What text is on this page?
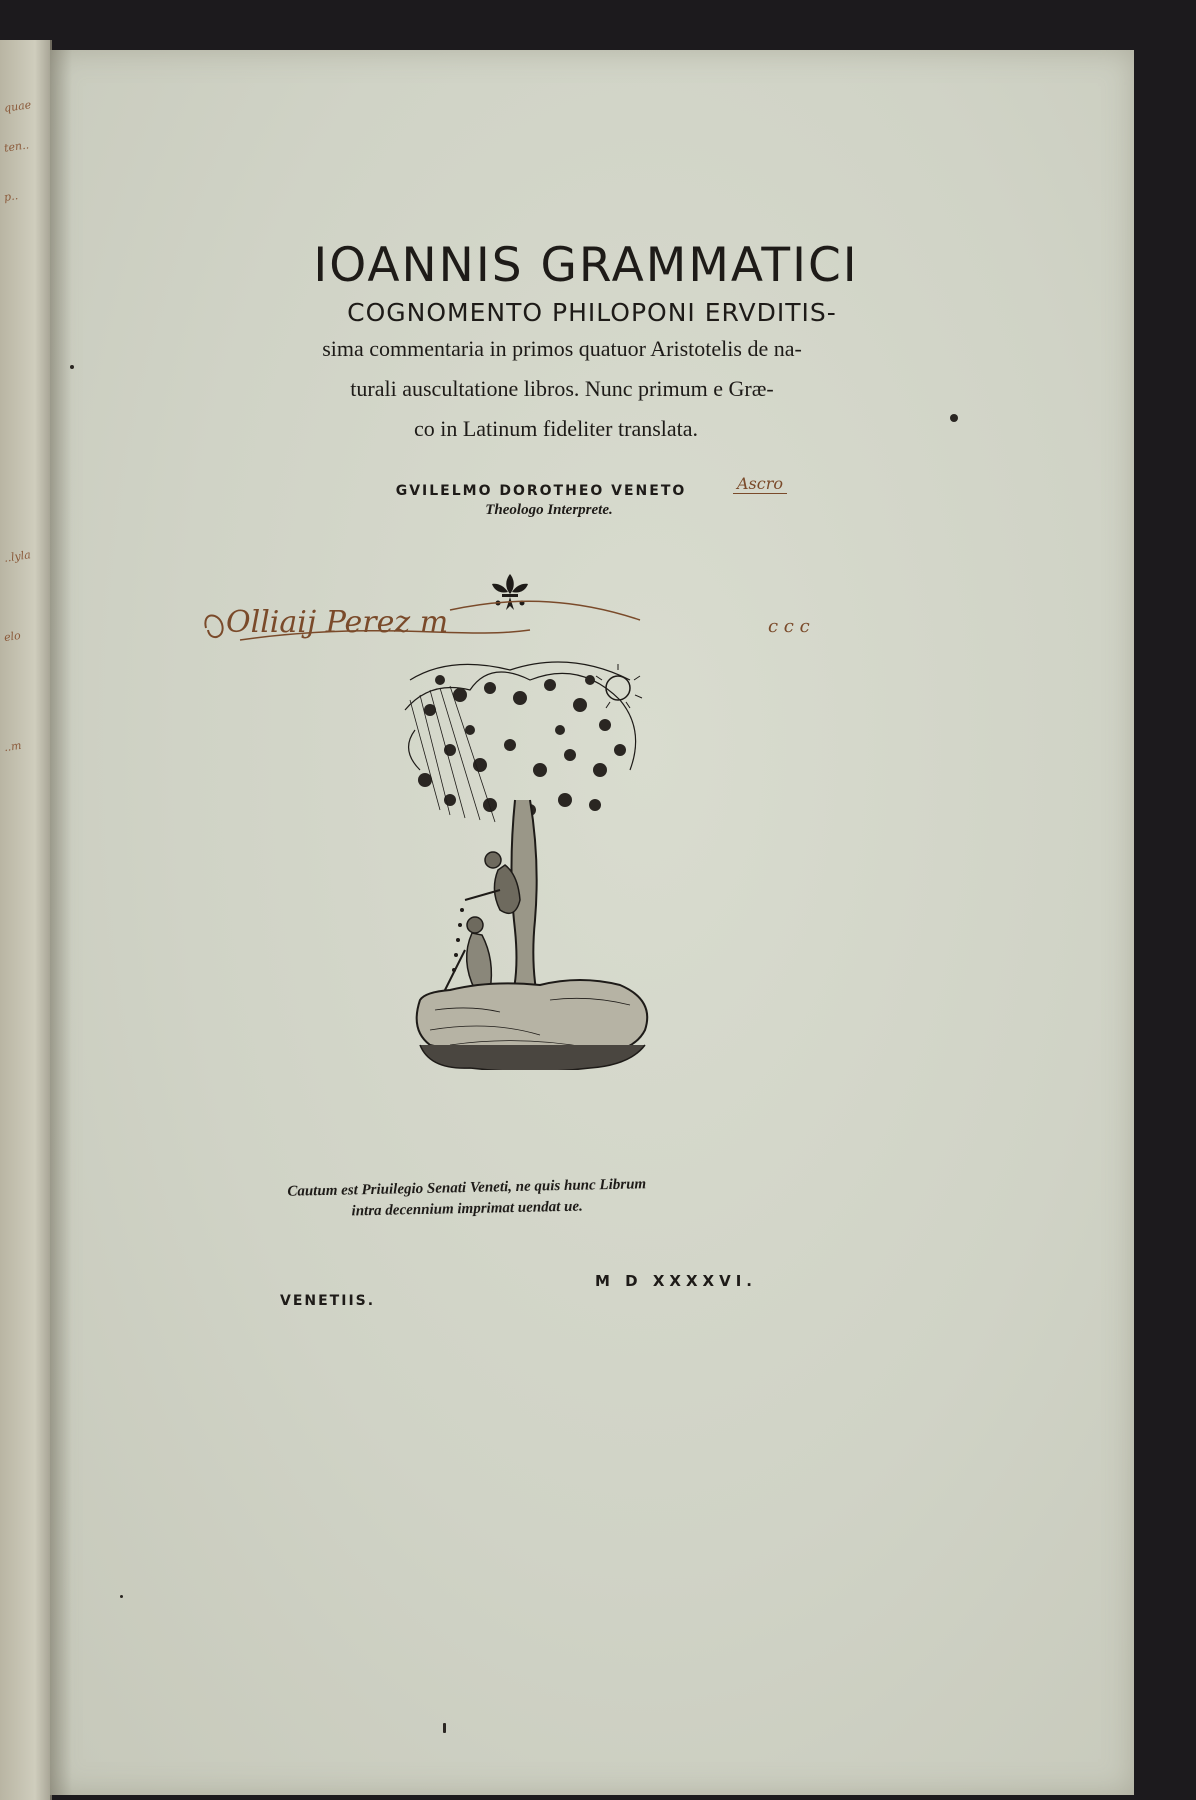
quae
ten..
p..
..lyla
elo
..m
IOANNIS GRAMMATICI
COGNOMENTO PHILOPONI ERVDITIS-
sima commentaria in primos quatuor Aristotelis de na-
turali auscultatione libros. Nunc primum e Græ-
co in Latinum fideliter translata.
GVILELMO DOROTHEO VENETO
Theologo Interprete.
Ascro
Olliaij Perez m	c c c
Cautum est Priuilegio Senati Veneti, ne quis hunc Librum
intra decennium imprimat uendat ue.
VENETIIS.
M D XXXXVI.
